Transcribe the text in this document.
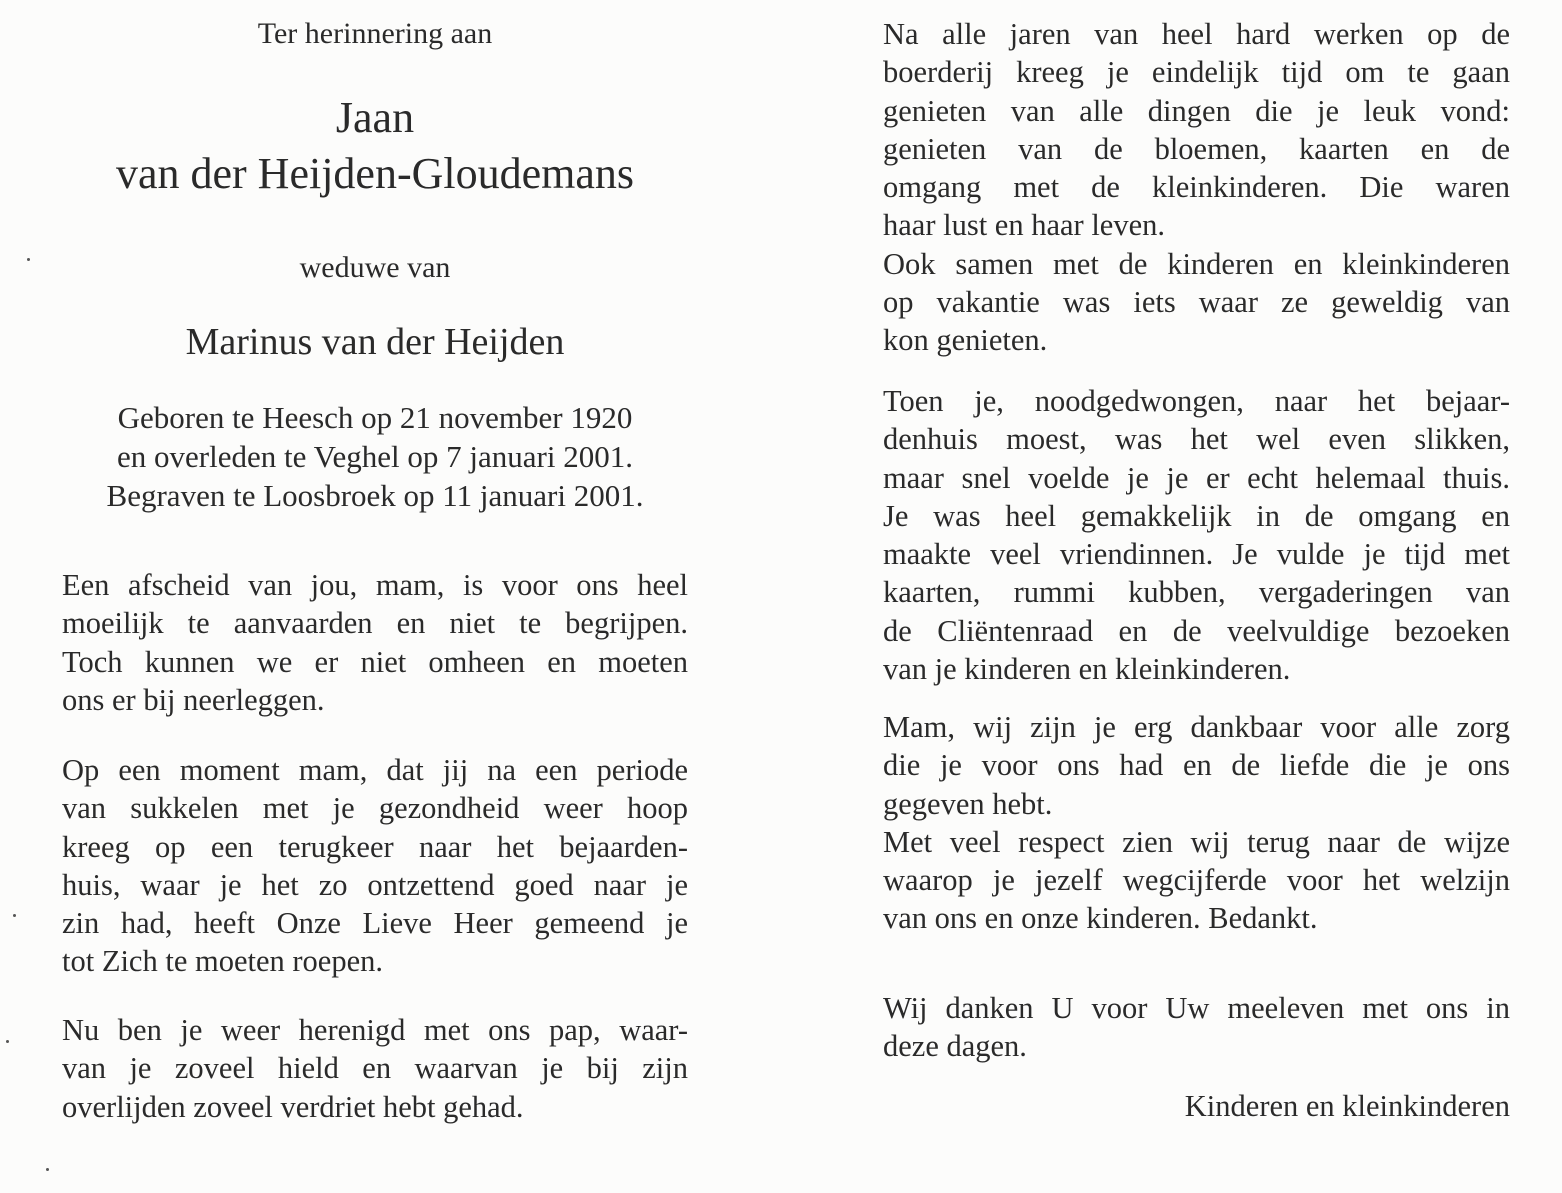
Ter herinnering aan
Jaan
van der Heijden-Gloudemans
weduwe van
Marinus van der Heijden
Geboren te Heesch op 21 november 1920
en overleden te Veghel op 7 januari 2001.
Begraven te Loosbroek op 11 januari 2001.
Een afscheid van jou, mam, is voor ons heel
moeilijk te aanvaarden en niet te begrijpen.
Toch kunnen we er niet omheen en moeten
ons er bij neerleggen.
Op een moment mam, dat jij na een periode
van sukkelen met je gezondheid weer hoop
kreeg op een terugkeer naar het bejaarden-
huis, waar je het zo ontzettend goed naar je
zin had, heeft Onze Lieve Heer gemeend je
tot Zich te moeten roepen.
Nu ben je weer herenigd met ons pap, waar-
van je zoveel hield en waarvan je bij zijn
overlijden zoveel verdriet hebt gehad.
Na alle jaren van heel hard werken op de
boerderij kreeg je eindelijk tijd om te gaan
genieten van alle dingen die je leuk vond:
genieten van de bloemen, kaarten en de
omgang met de kleinkinderen. Die waren
haar lust en haar leven.
Ook samen met de kinderen en kleinkinderen
op vakantie was iets waar ze geweldig van
kon genieten.
Toen je, noodgedwongen, naar het bejaar-
denhuis moest, was het wel even slikken,
maar snel voelde je je er echt helemaal thuis.
Je was heel gemakkelijk in de omgang en
maakte veel vriendinnen. Je vulde je tijd met
kaarten, rummi kubben, vergaderingen van
de Cliëntenraad en de veelvuldige bezoeken
van je kinderen en kleinkinderen.
Mam, wij zijn je erg dankbaar voor alle zorg
die je voor ons had en de liefde die je ons
gegeven hebt.
Met veel respect zien wij terug naar de wijze
waarop je jezelf wegcijferde voor het welzijn
van ons en onze kinderen. Bedankt.
Wij danken U voor Uw meeleven met ons in
deze dagen.
Kinderen en kleinkinderen
